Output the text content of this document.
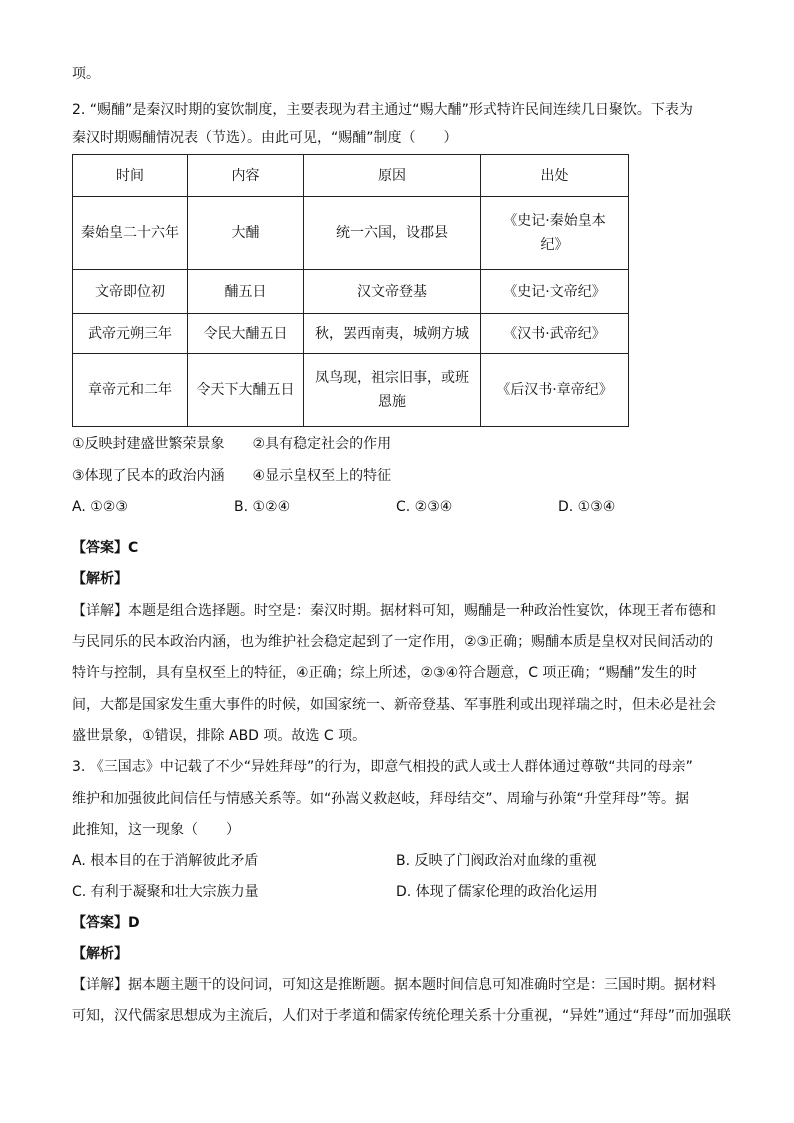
项。
2. “赐酺”是秦汉时期的宴饮制度，主要表现为君主通过“赐大酺”形式特许民间连续几日聚饮。下表为
秦汉时期赐酺情况表（节选）。由此可见，“赐酺”制度（　　）
时间	内容	原因	出处
秦始皇二十六年	大酺	统一六国，设郡县	《史记·秦始皇本
纪》

文帝即位初	酺五日	汉文帝登基	《史记·文帝纪》
武帝元朔三年	令民大酺五日	秋，罢西南夷，城朔方城	《汉书·武帝纪》
章帝元和二年	令天下大酺五日	凤鸟现，祖宗旧事，或班
恩施	《后汉书·章帝纪》
①反映封建盛世繁荣景象　　②具有稳定社会的作用
③体现了民本的政治内涵　　④显示皇权至上的特征
A. ①②③	B. ①②④	C. ②③④	D. ①③④
【答案】C
【解析】
【详解】本题是组合选择题。时空是：秦汉时期。据材料可知，赐酺是一种政治性宴饮，体现王者布德和
与民同乐的民本政治内涵，也为维护社会稳定起到了一定作用，②③正确；赐酺本质是皇权对民间活动的
特许与控制，具有皇权至上的特征，④正确；综上所述，②③④符合题意，C 项正确；“赐酺”发生的时
间，大都是国家发生重大事件的时候，如国家统一、新帝登基、军事胜利或出现祥瑞之时，但未必是社会
盛世景象，①错误，排除 ABD 项。故选 C 项。
3. 《三国志》中记载了不少“异姓拜母”的行为，即意气相投的武人或士人群体通过尊敬“共同的母亲”
维护和加强彼此间信任与情感关系等。如“孙嵩义救赵岐，拜母结交”、周瑜与孙策“升堂拜母”等。据
此推知，这一现象（　　）
A. 根本目的在于消解彼此矛盾	B. 反映了门阀政治对血缘的重视
C. 有利于凝聚和壮大宗族力量	D. 体现了儒家伦理的政治化运用
【答案】D
【解析】
【详解】据本题主题干的设问词，可知这是推断题。据本题时间信息可知准确时空是：三国时期。据材料
可知，汉代儒家思想成为主流后，人们对于孝道和儒家传统伦理关系十分重视，“异姓”通过“拜母”而加强联
